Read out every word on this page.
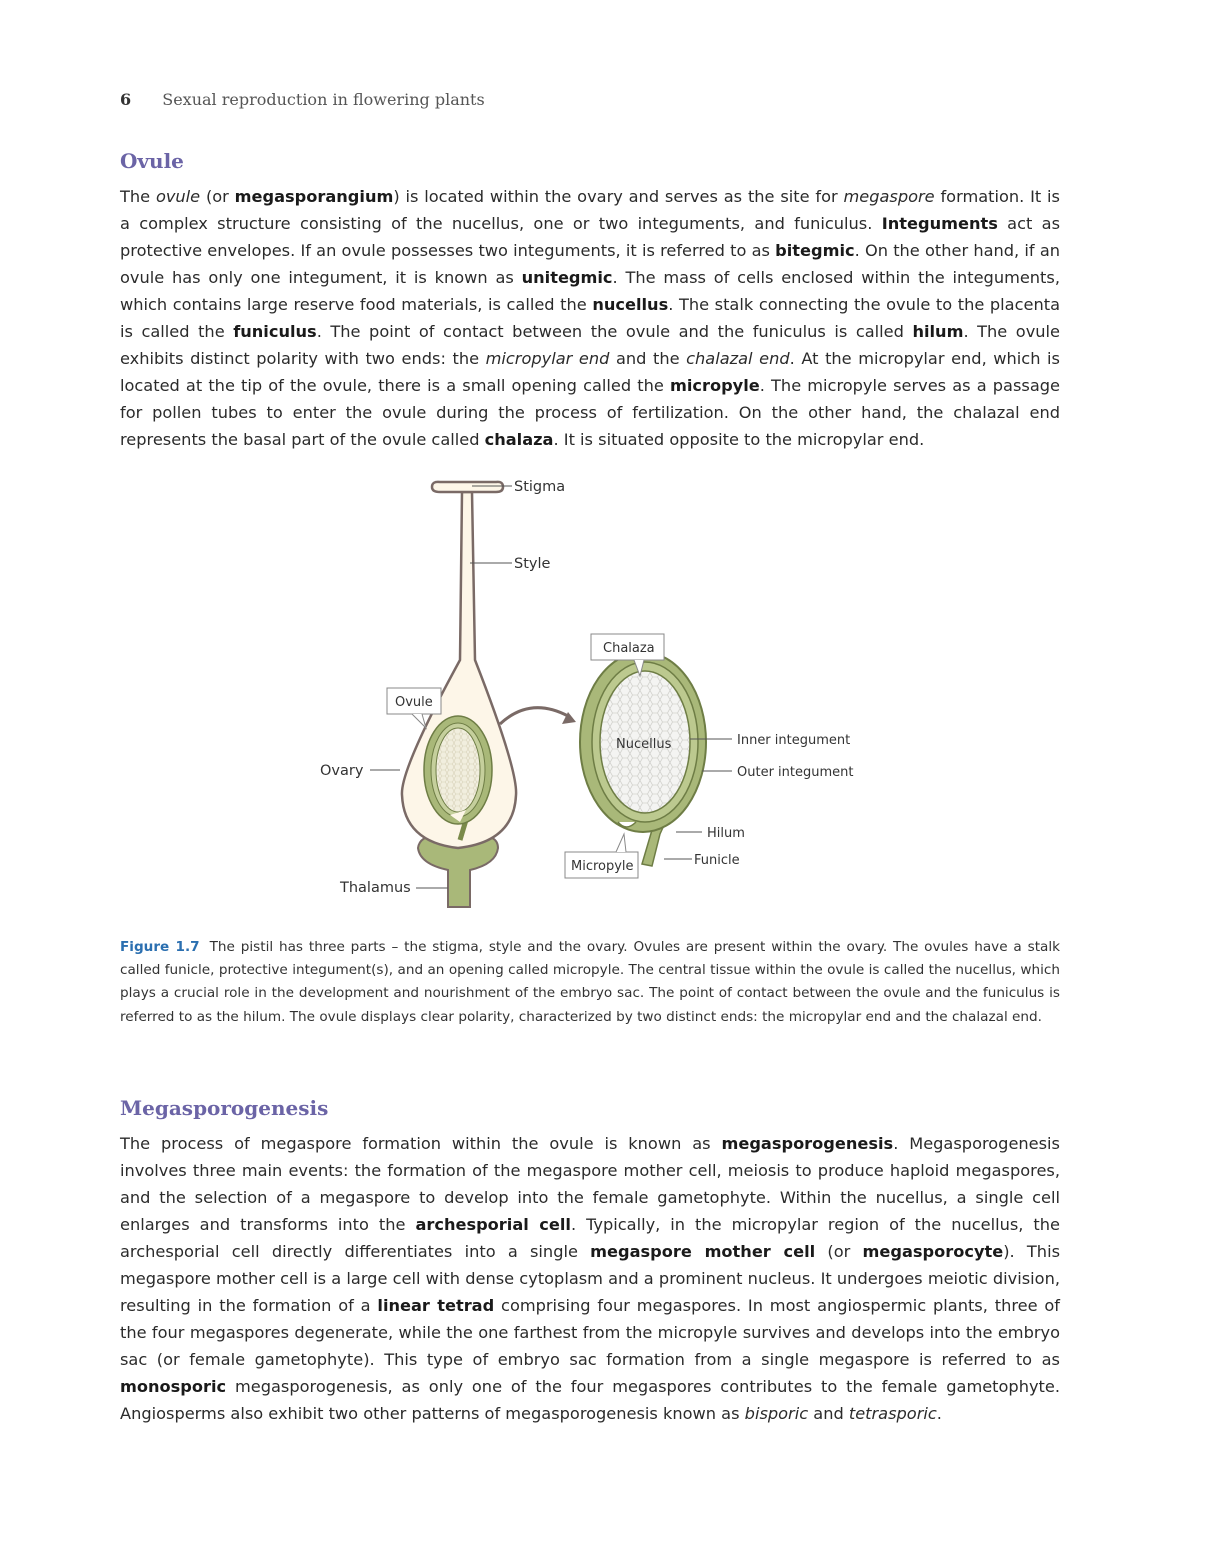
6 Sexual reproduction in flowering plants
Ovule

The ovule (or megasporangium) is located within the ovary and serves as the site for megaspore formation. It is a complex structure consisting of the nucellus, one or two integuments, and funiculus. Integuments act as protective envelopes. If an ovule possesses two integuments, it is referred to as bitegmic. On the other hand, if an ovule has only one integument, it is known as unitegmic. The mass of cells enclosed within the integuments, which contains large reserve food materials, is called the nucellus. The stalk connecting the ovule to the placenta is called the funiculus. The point of contact between the ovule and the funiculus is called hilum. The ovule exhibits distinct polarity with two ends: the micropylar end and the chalazal end. At the micropylar end, which is located at the tip of the ovule, there is a small opening called the micropyle. The micropyle serves as a passage for pollen tubes to enter the ovule during the process of fertilization. On the other hand, the chalazal end represents the basal part of the ovule called chalaza. It is situated opposite to the micropylar end.

Stigma
Style
Ovary
Thalamus
Ovule
Chalaza
Nucellus	Inner integument
Outer integument
Hilum
Funicle
Micropyle

Figure 1.7 The pistil has three parts – the stigma, style and the ovary. Ovules are present within the ovary. The ovules have a stalk called funicle, protective integument(s), and an opening called micropyle. The central tissue within the ovule is called the nucellus, which plays a crucial role in the development and nourishment of the embryo sac. The point of contact between the ovule and the funiculus is referred to as the hilum. The ovule displays clear polarity, characterized by two distinct ends: the micropylar end and the chalazal end.

Megasporogenesis

The process of megaspore formation within the ovule is known as megasporogenesis. Megasporogenesis involves three main events: the formation of the megaspore mother cell, meiosis to produce haploid megaspores, and the selection of a megaspore to develop into the female gametophyte. Within the nucellus, a single cell enlarges and transforms into the archesporial cell. Typically, in the micropylar region of the nucellus, the archesporial cell directly differentiates into a single megaspore mother cell (or megasporocyte). This megaspore mother cell is a large cell with dense cytoplasm and a prominent nucleus. It undergoes meiotic division, resulting in the formation of a linear tetrad comprising four megaspores. In most angiospermic plants, three of the four megaspores degenerate, while the one farthest from the micropyle survives and develops into the embryo sac (or female gametophyte). This type of embryo sac formation from a single megaspore is referred to as monosporic megasporogenesis, as only one of the four megaspores contributes to the female gametophyte. Angiosperms also exhibit two other patterns of megasporogenesis known as bisporic and tetrasporic.
